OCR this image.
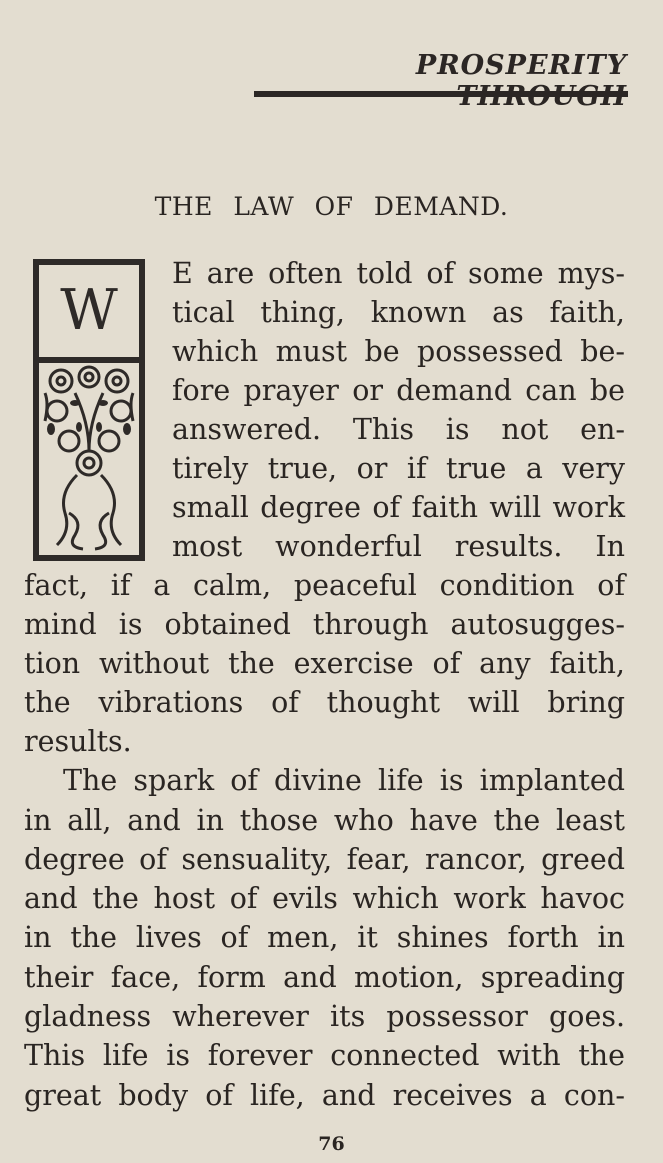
PROSPERITY
THE LAW OF DEMAND.
W
E are often told of some mys-
tical thing, known as faith,
which must be possessed be-
fore prayer or demand can be
answered. This is not en-
tirely true, or if true a very
small degree of faith will work
most wonderful results. In
fact, if a calm, peaceful condition of
mind is obtained through autosugges-
tion without the exercise of any faith,
the vibrations of thought will bring
results.
The spark of divine life is implanted
in all, and in those who have the least
degree of sensuality, fear, rancor, greed
and the host of evils which work havoc
in the lives of men, it shines forth in
their face, form and motion, spreading
gladness wherever its possessor goes.
This life is forever connected with the
great body of life, and receives a con-
76
